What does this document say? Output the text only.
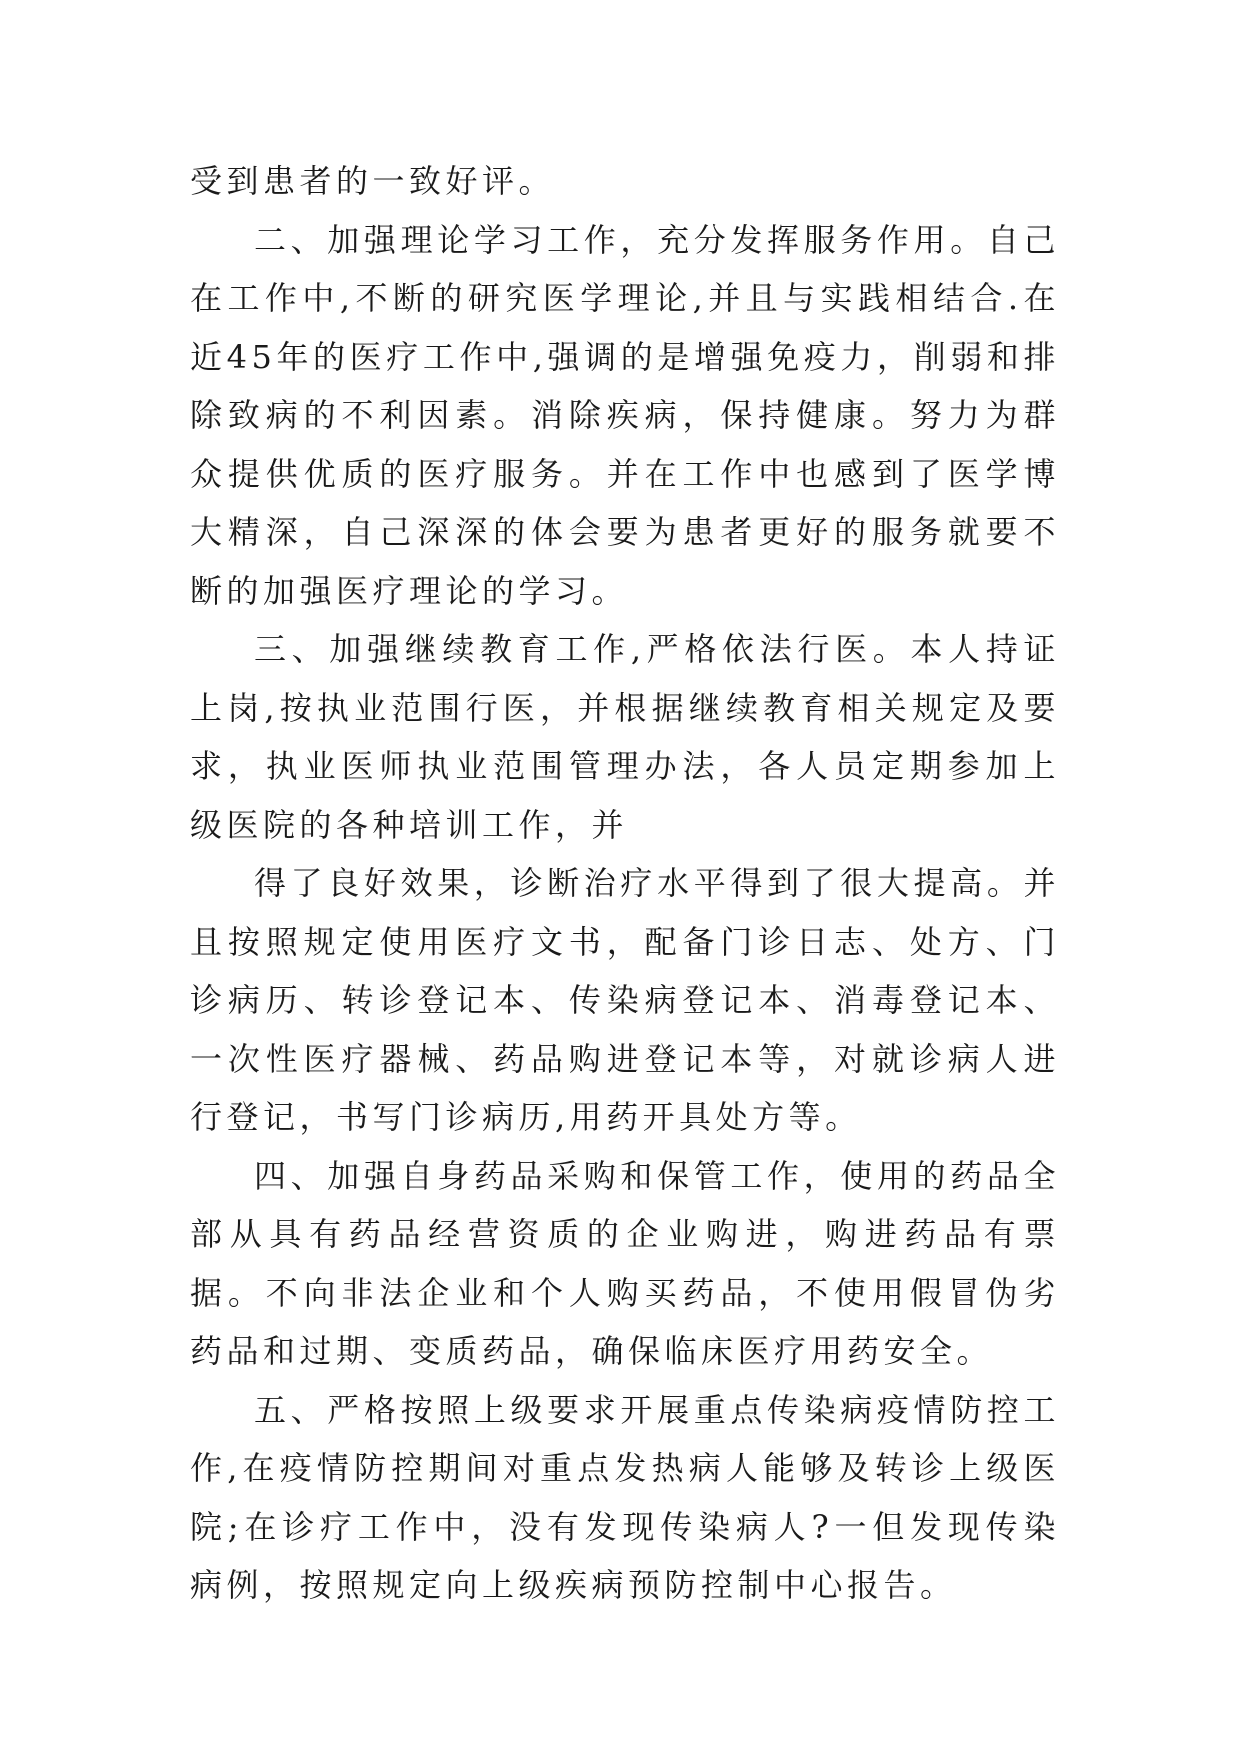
受到患者的一致好评。

二、加强理论学习工作，充分发挥服务作用。自己在工作中,不断的研究医学理论,并且与实践相结合.在近45年的医疗工作中,强调的是增强免疫力，削弱和排除致病的不利因素。消除疾病，保持健康。努力为群众提供优质的医疗服务。并在工作中也感到了医学博大精深，自己深深的体会要为患者更好的服务就要不断的加强医疗理论的学习。

三、加强继续教育工作,严格依法行医。本人持证上岗,按执业范围行医，并根据继续教育相关规定及要求，执业医师执业范围管理办法，各人员定期参加上级医院的各种培训工作，并

得了良好效果，诊断治疗水平得到了很大提高。并且按照规定使用医疗文书，配备门诊日志、处方、门诊病历、转诊登记本、传染病登记本、消毒登记本、一次性医疗器械、药品购进登记本等，对就诊病人进行登记，书写门诊病历,用药开具处方等。

四、加强自身药品采购和保管工作，使用的药品全部从具有药品经营资质的企业购进，购进药品有票据。不向非法企业和个人购买药品，不使用假冒伪劣药品和过期、变质药品，确保临床医疗用药安全。

五、严格按照上级要求开展重点传染病疫情防控工作,在疫情防控期间对重点发热病人能够及转诊上级医院;在诊疗工作中，没有发现传染病人?一但发现传染病例，按照规定向上级疾病预防控制中心报告。
